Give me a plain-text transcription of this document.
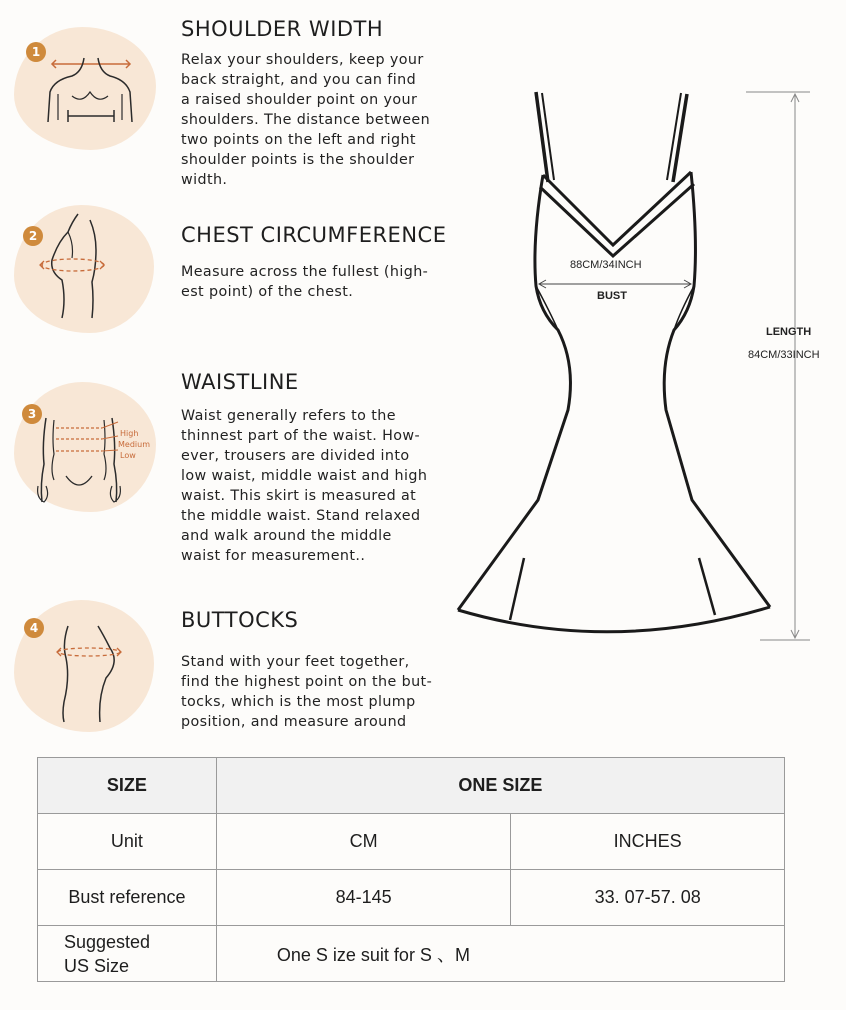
1
SHOULDER WIDTH
Relax your shoulders, keep your
back straight, and you can find
a raised shoulder point on your
shoulders. The distance between
two points on the left and right
shoulder points is the shoulder
width.
2	CHEST CIRCUMFERENCE
Measure across the fullest (high-
est point) of the chest.
3
High
Medium
Low
WAISTLINE
Waist generally refers to the
thinnest part of the waist. How-
ever, trousers are divided into
low waist, middle waist and high
waist. This skirt is measured at
the middle waist. Stand relaxed
and walk around the middle
waist for measurement..
4	BUTTOCKS
Stand with your feet together,
find the highest point on the but-
tocks, which is the most plump
position, and measure around
88CM/34INCH
BUST
LENGTH
84CM/33INCH
SIZE	ONE SIZE	
Unit	CM	INCHES
Bust reference	84-145	33. 07-57. 08

Suggested
US Size	One S ize suit for S 、M	
